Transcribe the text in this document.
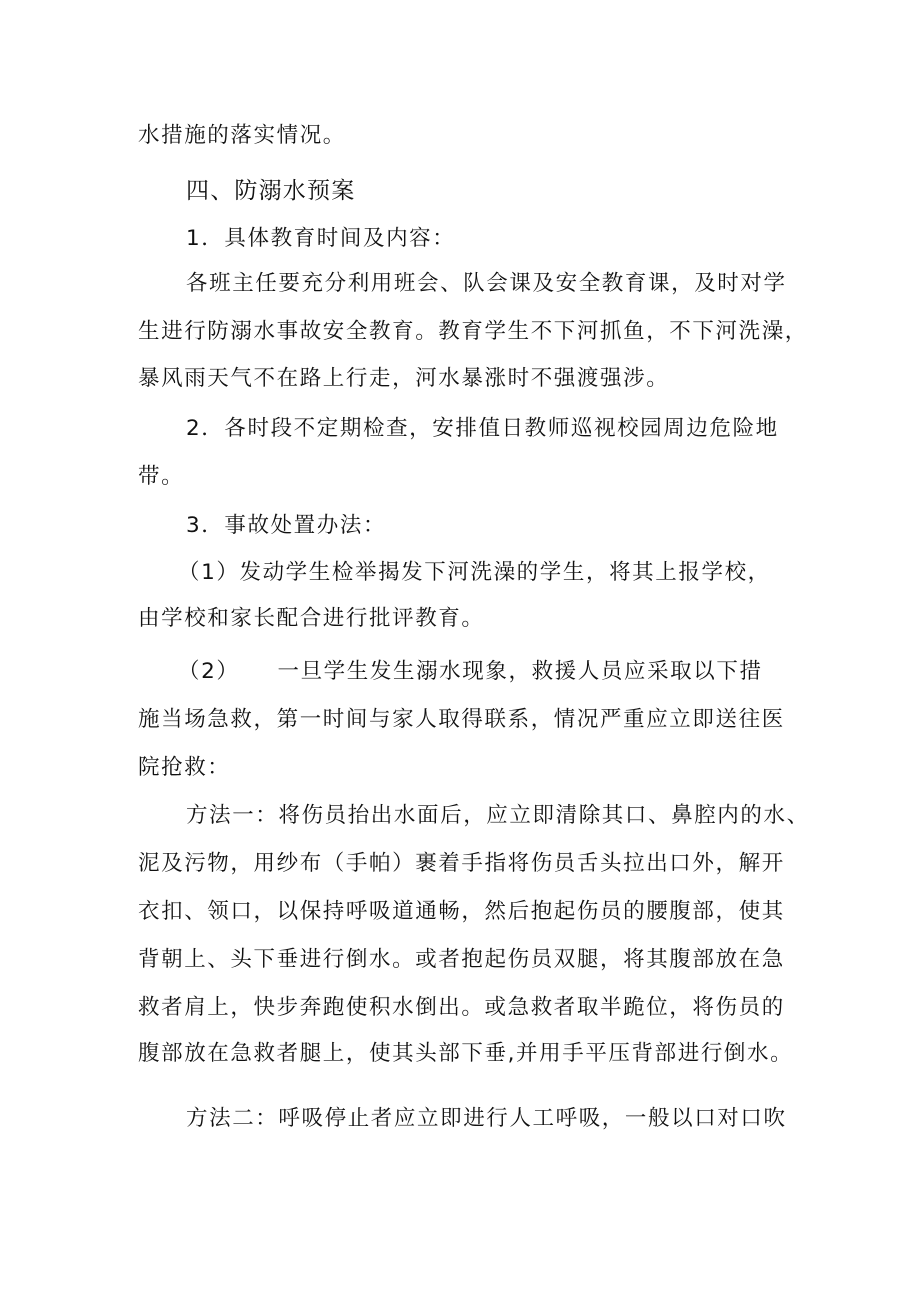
水措施的落实情况。
四、防溺水预案
1．具体教育时间及内容：
各班主任要充分利用班会、队会课及安全教育课，及时对学
生进行防溺水事故安全教育。教育学生不下河抓鱼，不下河洗澡，
暴风雨天气不在路上行走，河水暴涨时不强渡强涉。
2．各时段不定期检查，安排值日教师巡视校园周边危险地
带。
3．事故处置办法：
（1）发动学生检举揭发下河洗澡的学生，将其上报学校，
由学校和家长配合进行批评教育。
（2） 一旦学生发生溺水现象，救援人员应采取以下措
施当场急救，第一时间与家人取得联系，情况严重应立即送往医
院抢救：
方法一：将伤员抬出水面后，应立即清除其口、鼻腔内的水、
泥及污物，用纱布（手帕）裹着手指将伤员舌头拉出口外，解开
衣扣、领口，以保持呼吸道通畅，然后抱起伤员的腰腹部，使其
背朝上、头下垂进行倒水。或者抱起伤员双腿，将其腹部放在急
救者肩上，快步奔跑使积水倒出。或急救者取半跪位，将伤员的
腹部放在急救者腿上，使其头部下垂,并用手平压背部进行倒水。
方法二：呼吸停止者应立即进行人工呼吸，一般以口对口吹
